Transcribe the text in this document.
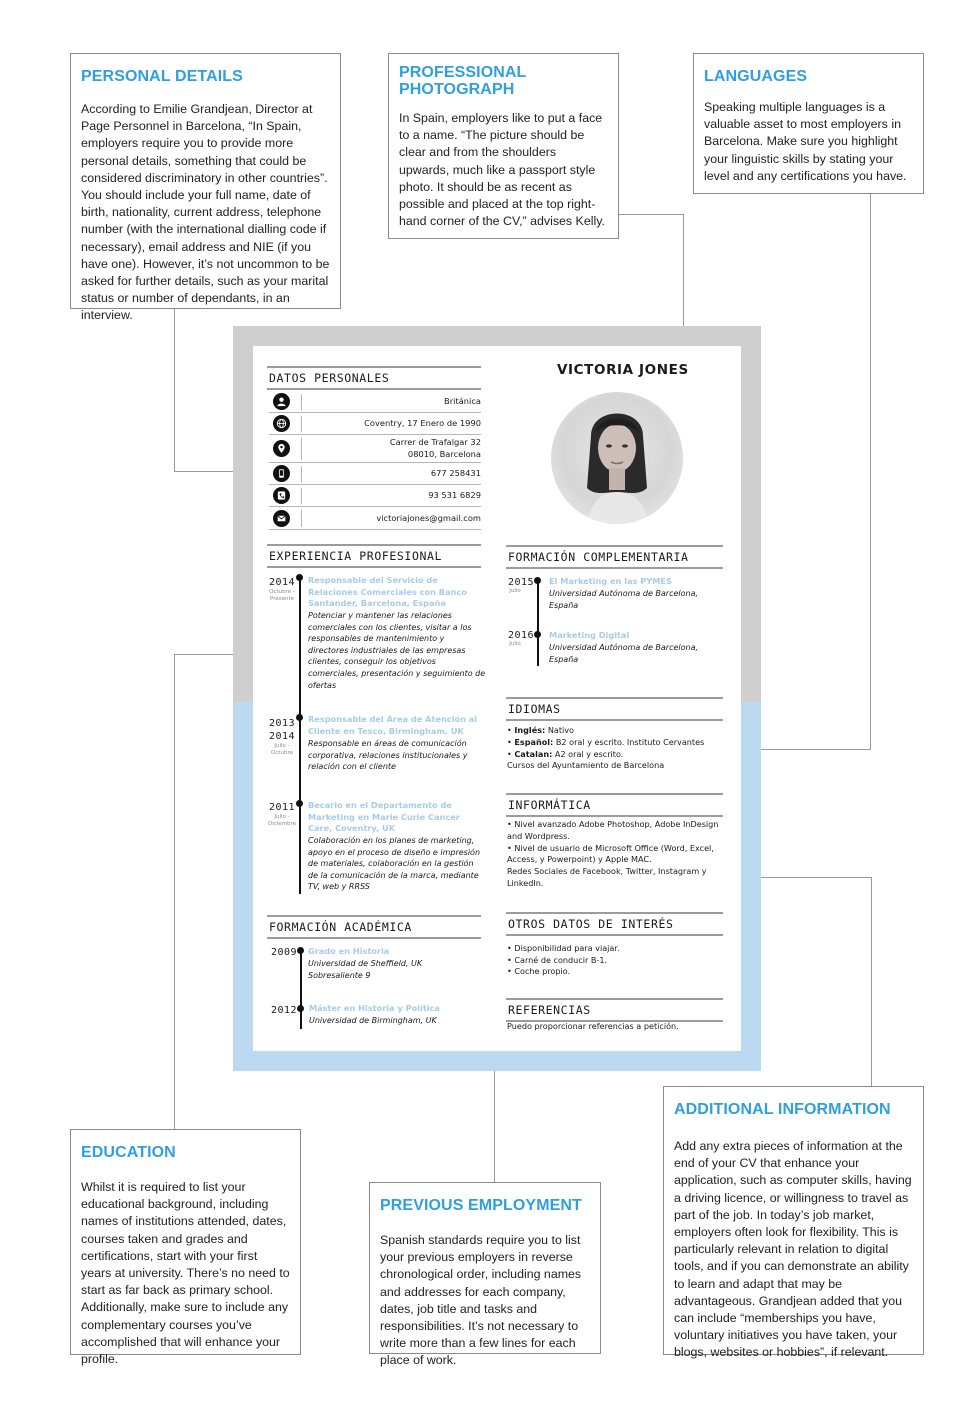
PERSONAL DETAILS

According to Emilie Grandjean, Director at Page Personnel in Barcelona, “In Spain, employers require you to provide more personal details, something that could be considered discriminatory in other countries”. You should include your full name, date of birth, nationality, current address, telephone number (with the international dialling code if necessary), email address and NIE (if you have one). However, it’s not uncommon to be asked for further details, such as your marital status or number of dependants, in an interview.

PROFESSIONAL PHOTOGRAPH

In Spain, employers like to put a face to a name. “The picture should be clear and from the shoulders upwards, much like a passport style photo. It should be as recent as possible and placed at the top right-hand corner of the CV,” advises Kelly.

LANGUAGES

Speaking multiple languages is a valuable asset to most employers in Barcelona. Make sure you highlight your linguistic skills by stating your level and any certifications you have.

EDUCATION

Whilst it is required to list your educational background, including names of institutions attended, dates, courses taken and grades and certifications, start with your first years at university. There’s no need to start as far back as primary school. Additionally, make sure to include any complementary courses you’ve accomplished that will enhance your profile.

PREVIOUS EMPLOYMENT

Spanish standards require you to list your previous employers in reverse chronological order, including names and addresses for each company, dates, job title and tasks and responsibilities. It’s not necessary to write more than a few lines for each place of work.

ADDITIONAL INFORMATION

Add any extra pieces of information at the end of your CV that enhance your application, such as computer skills, having a driving licence, or willingness to travel as part of the job. In today’s job market, employers often look for flexibility. This is particularly relevant in relation to digital tools, and if you can demonstrate an ability to learn and adapt that may be advantageous. Grandjean added that you can include “memberships you have, voluntary initiatives you have taken, your blogs, websites or hobbies”, if relevant.

VICTORIA JONES
DATOS PERSONALES
Británica
Coventry, 17 Enero de 1990
Carrer de Trafalgar 32
08010, Barcelona
677 258431
93 531 6829
victoriajones@gmail.com
EXPERIENCIA PROFESIONAL
2014
Octubre -
Presente
Responsable del Servicio de Relaciones Comerciales con Banco Santander, Barcelona, España
Potenciar y mantener las relaciones comerciales con los clientes, visitar a los responsables de mantenimiento y directores industriales de las empresas clientes, conseguir los objetivos comerciales, presentación y seguimiento de ofertas
2013
2014
Julio -
Octubre
Responsable del Área de Atención al Cliente en Tesco, Birmingham, UK
Responsable en áreas de comunicación corporativa, relaciones institucionales y relación con el cliente
2011
Julio -
Diciembre
Becario en el Departamento de Marketing en Marie Curie Cancer Care, Coventry, UK
Colaboración en los planes de marketing, apoyo en el proceso de diseño e impresión de materiales, colaboración en la gestión de la comunicación de la marca, mediante TV, web y RRSS
FORMACIÓN ACADÉMICA
2009 Grado en Historia
Universidad de Sheffield, UK
Sobresaliente 9
2012 Máster en Historia y Política
Universidad de Birmingham, UK
FORMACIÓN COMPLEMENTARIA
2015
Julio
El Marketing en las PYMES
Universidad Autónoma de Barcelona,
España
2016
Julio
Marketing Digital
Universidad Autónoma de Barcelona,
España
IDIOMAS
• Inglés: Nativo
• Español: B2 oral y escrito. Instituto Cervantes
• Catalan: A2 oral y escrito.
Cursos del Ayuntamiento de Barcelona
INFORMÁTICA
• Nivel avanzado Adobe Photoshop, Adobe InDesign
and Wordpress.
• Nivel de usuario de Microsoft Office (Word, Excel,
Access, y Powerpoint) y Apple MAC.
Redes Sociales de Facebook, Twitter, Instagram y
LinkedIn.
OTROS DATOS DE INTERÉS
• Disponibilidad para viajar.
• Carné de conducir B-1.
• Coche propio.
REFERENCIAS
Puedo proporcionar referencias a petición.
